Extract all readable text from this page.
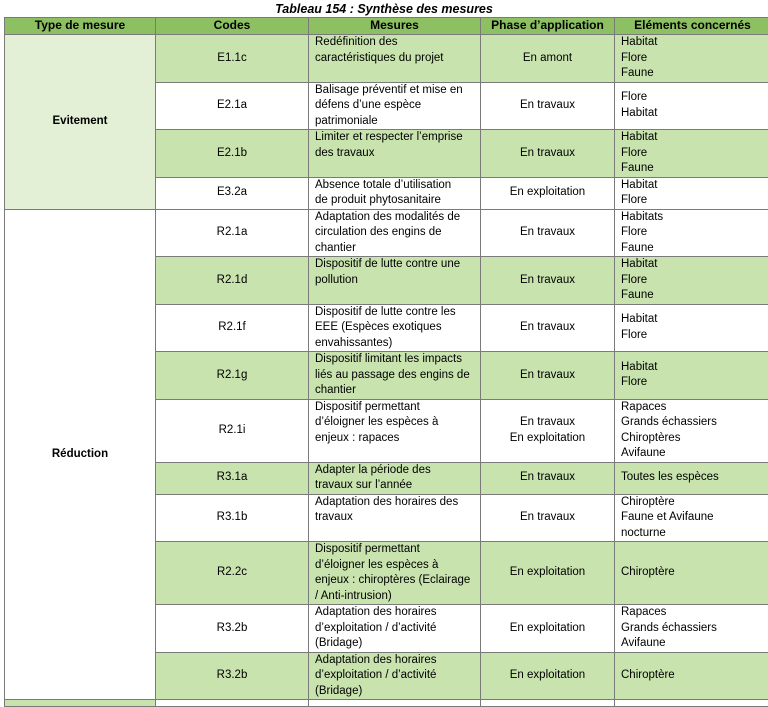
Tableau 154 : Synthèse des mesures
Type de mesure	Codes	Mesures	Phase d’application	Eléments concernés
Evitement	E1.1c	Redéfinition des
caractéristiques du projet	En amont	Habitat
Flore
Faune

	E2.1a	Balisage préventif et mise en
défens d’une espèce
patrimoniale	En travaux	Flore
Habitat

	E2.1b	Limiter et respecter l’emprise
des travaux	En travaux	Habitat
Flore
Faune

	E3.2a	Absence totale d’utilisation
de produit phytosanitaire	En exploitation	Habitat
Flore

Réduction	R2.1a	Adaptation des modalités de
circulation des engins de
chantier	En travaux	Habitats
Flore
Faune

	R2.1d	Dispositif de lutte contre une
pollution	En travaux	Habitat
Flore
Faune

	R2.1f	Dispositif de lutte contre les
EEE (Espèces exotiques
envahissantes)	En travaux	Habitat
Flore

	R2.1g	Dispositif limitant les impacts
liés au passage des engins de
chantier	En travaux	Habitat
Flore

	R2.1i	Dispositif permettant
d’éloigner les espèces à
enjeux : rapaces	En travaux
En exploitation	Rapaces
Grands échassiers
Chiroptères
Avifaune

	R3.1a	Adapter la période des
travaux sur l’année	En travaux	Toutes les espèces

	R3.1b	Adaptation des horaires des
travaux	En travaux	Chiroptère
Faune et Avifaune
nocturne

	R2.2c	Dispositif permettant
d’éloigner les espèces à
enjeux : chiroptères (Eclairage
/ Anti-intrusion)	En exploitation	Chiroptère

	R3.2b	Adaptation des horaires
d’exploitation / d’activité
(Bridage)	En exploitation	Rapaces
Grands échassiers
Avifaune

	R3.2b	Adaptation des horaires
d’exploitation / d’activité
(Bridage)	En exploitation	Chiroptère
